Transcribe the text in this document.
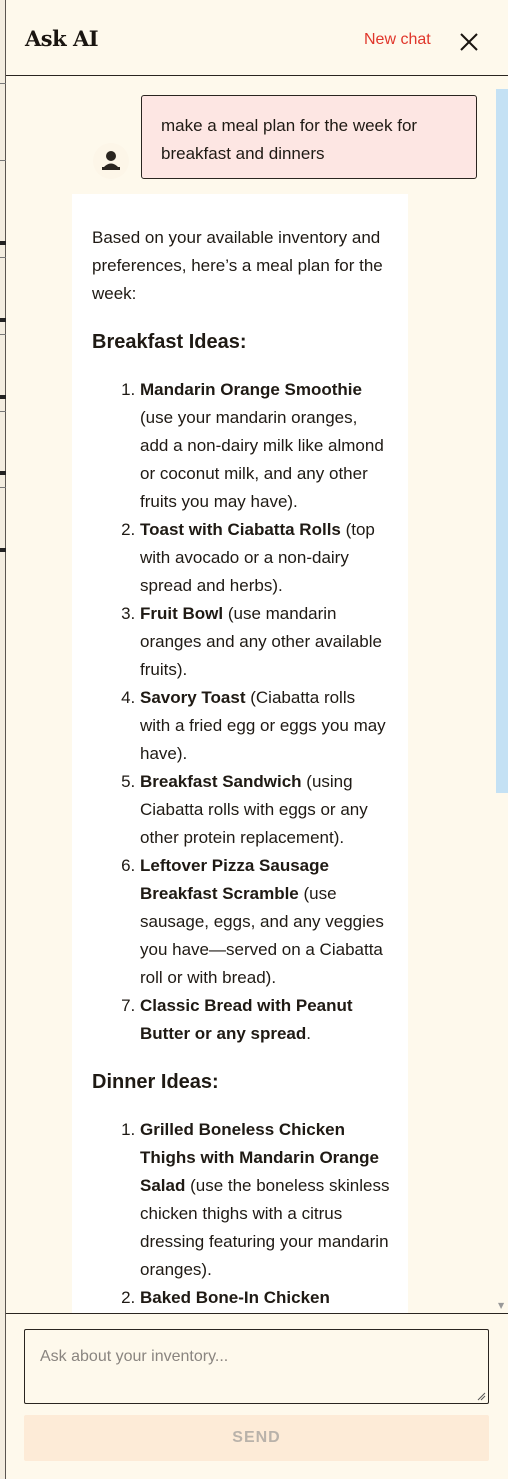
Ask AI	New chat
▼
make a meal plan for the week for breakfast and dinners

Based on your available inventory and preferences, here’s a meal plan for the week:

Breakfast Ideas:
1. Mandarin Orange Smoothie (use your mandarin oranges, add a non-dairy milk like almond or coconut milk, and any other fruits you may have).
2. Toast with Ciabatta Rolls (top with avocado or a non-dairy spread and herbs).
3. Fruit Bowl (use mandarin oranges and any other available fruits).
4. Savory Toast (Ciabatta rolls with a fried egg or eggs you may have).
5. Breakfast Sandwich (using Ciabatta rolls with eggs or any other protein replacement).
6. Leftover Pizza Sausage Breakfast Scramble (use sausage, eggs, and any veggies you have—served on a Ciabatta roll or with bread).
7. Classic Bread with Peanut Butter or any spread.
Dinner Ideas:
1. Grilled Boneless Chicken Thighs with Mandarin Orange Salad (use the boneless skinless chicken thighs with a citrus dressing featuring your mandarin oranges).
2. Baked Bone-In Chicken
Ask about your inventory...
SEND
